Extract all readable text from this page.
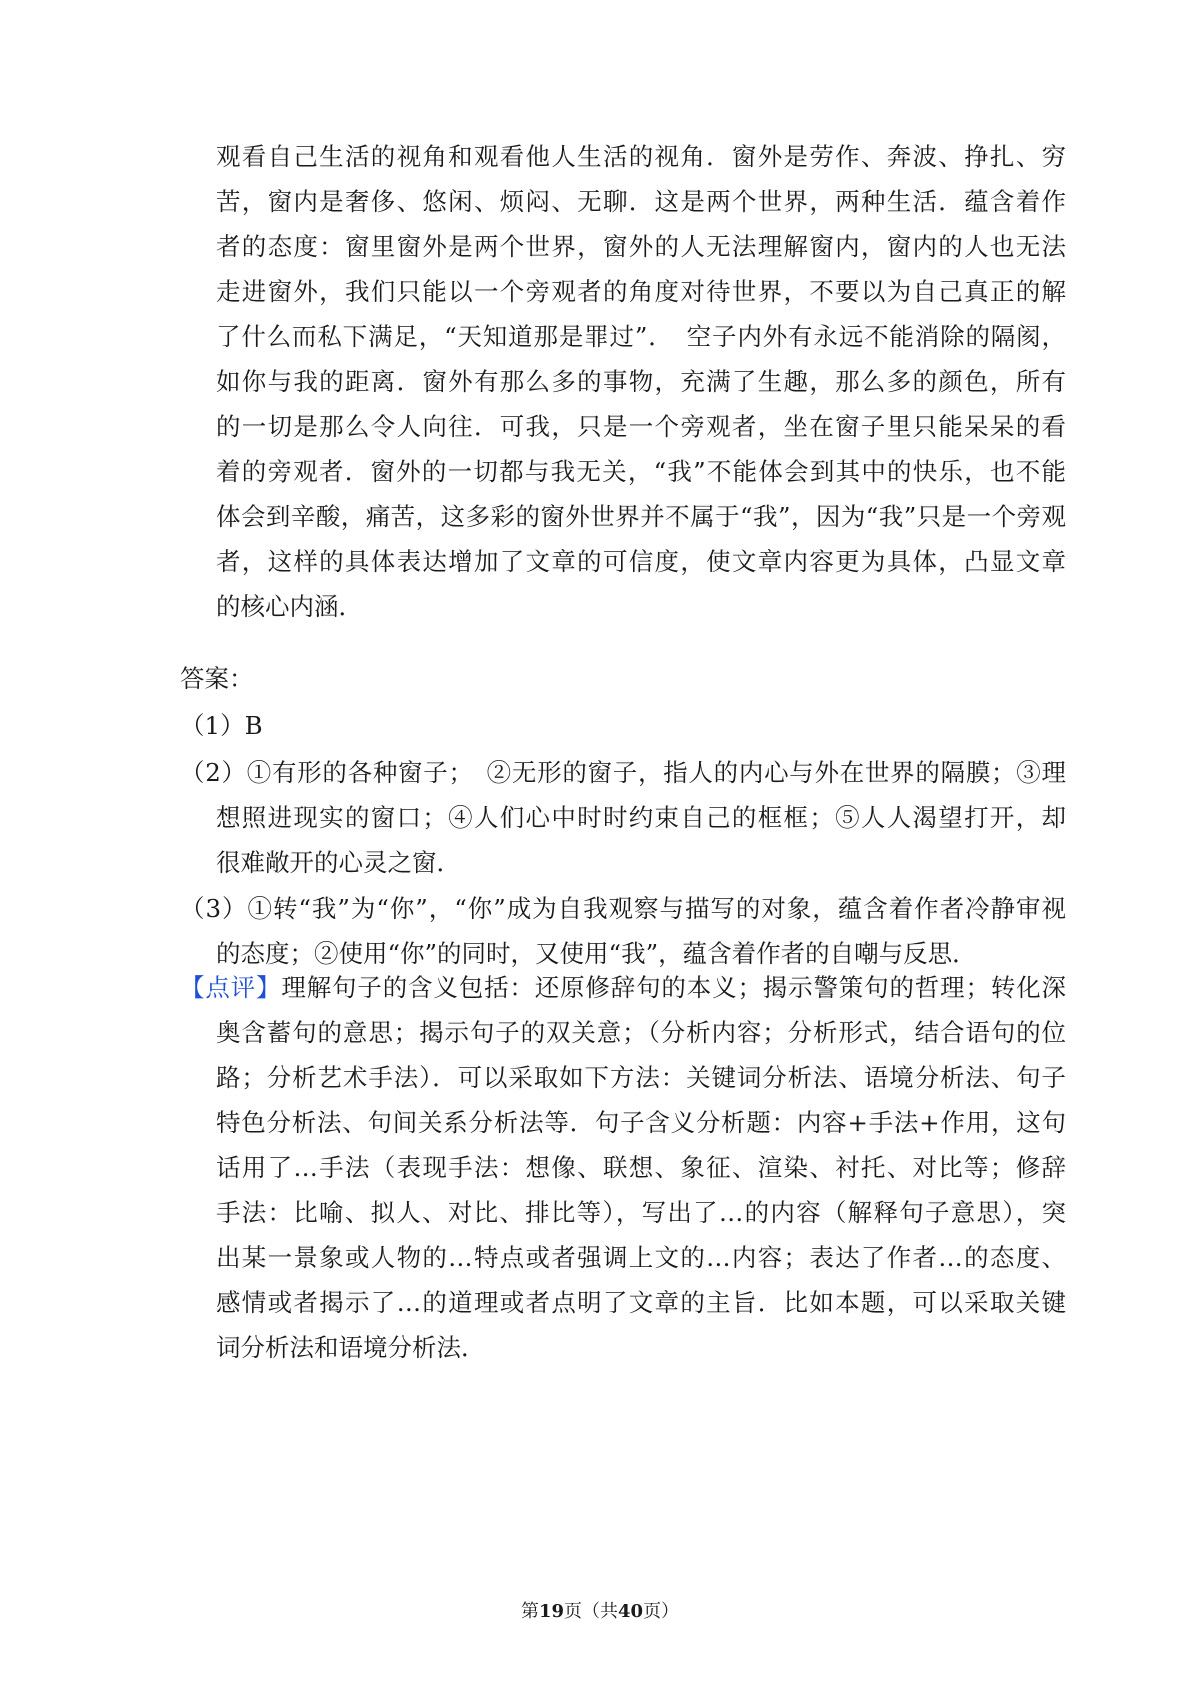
观看自己生活的视角和观看他人生活的视角．窗外是劳作、奔波、挣扎、穷
苦，窗内是奢侈、悠闲、烦闷、无聊．这是两个世界，两种生活．蕴含着作
者的态度：窗里窗外是两个世界，窗外的人无法理解窗内，窗内的人也无法
走进窗外，我们只能以一个旁观者的角度对待世界，不要以为自己真正的解
了什么而私下满足，“天知道那是罪过”．　空子内外有永远不能消除的隔阂，
如你与我的距离．窗外有那么多的事物，充满了生趣，那么多的颜色，所有
的一切是那么令人向往．可我，只是一个旁观者，坐在窗子里只能呆呆的看
着的旁观者．窗外的一切都与我无关，“我”不能体会到其中的快乐，也不能
体会到辛酸，痛苦，这多彩的窗外世界并不属于“我”，因为“我”只是一个旁观
者，这样的具体表达增加了文章的可信度，使文章内容更为具体，凸显文章
的核心内涵．
答案：
（1）B
（2）①有形的各种窗子；　②无形的窗子，指人的内心与外在世界的隔膜；③理
想照进现实的窗口；④人们心中时时约束自己的框框；⑤人人渴望打开，却
很难敞开的心灵之窗．
（3）①转“我”为“你”，“你”成为自我观察与描写的对象，蕴含着作者冷静审视
的态度；②使用“你”的同时，又使用“我”，蕴含着作者的自嘲与反思．
【点评】理解句子的含义包括：还原修辞句的本义；揭示警策句的哲理；转化深
奥含蓄句的意思；揭示句子的双关意；（分析内容；分析形式，结合语句的位
路；分析艺术手法）．可以采取如下方法：关键词分析法、语境分析法、句子
特色分析法、句间关系分析法等．句子含义分析题：内容+手法+作用，这句
话用了…手法（表现手法：想像、联想、象征、渲染、衬托、对比等；修辞
手法：比喻、拟人、对比、排比等），写出了…的内容（解释句子意思），突
出某一景象或人物的…特点或者强调上文的…内容；表达了作者…的态度、
感情或者揭示了…的道理或者点明了文章的主旨．比如本题，可以采取关键
词分析法和语境分析法．
第19页（共40页）
